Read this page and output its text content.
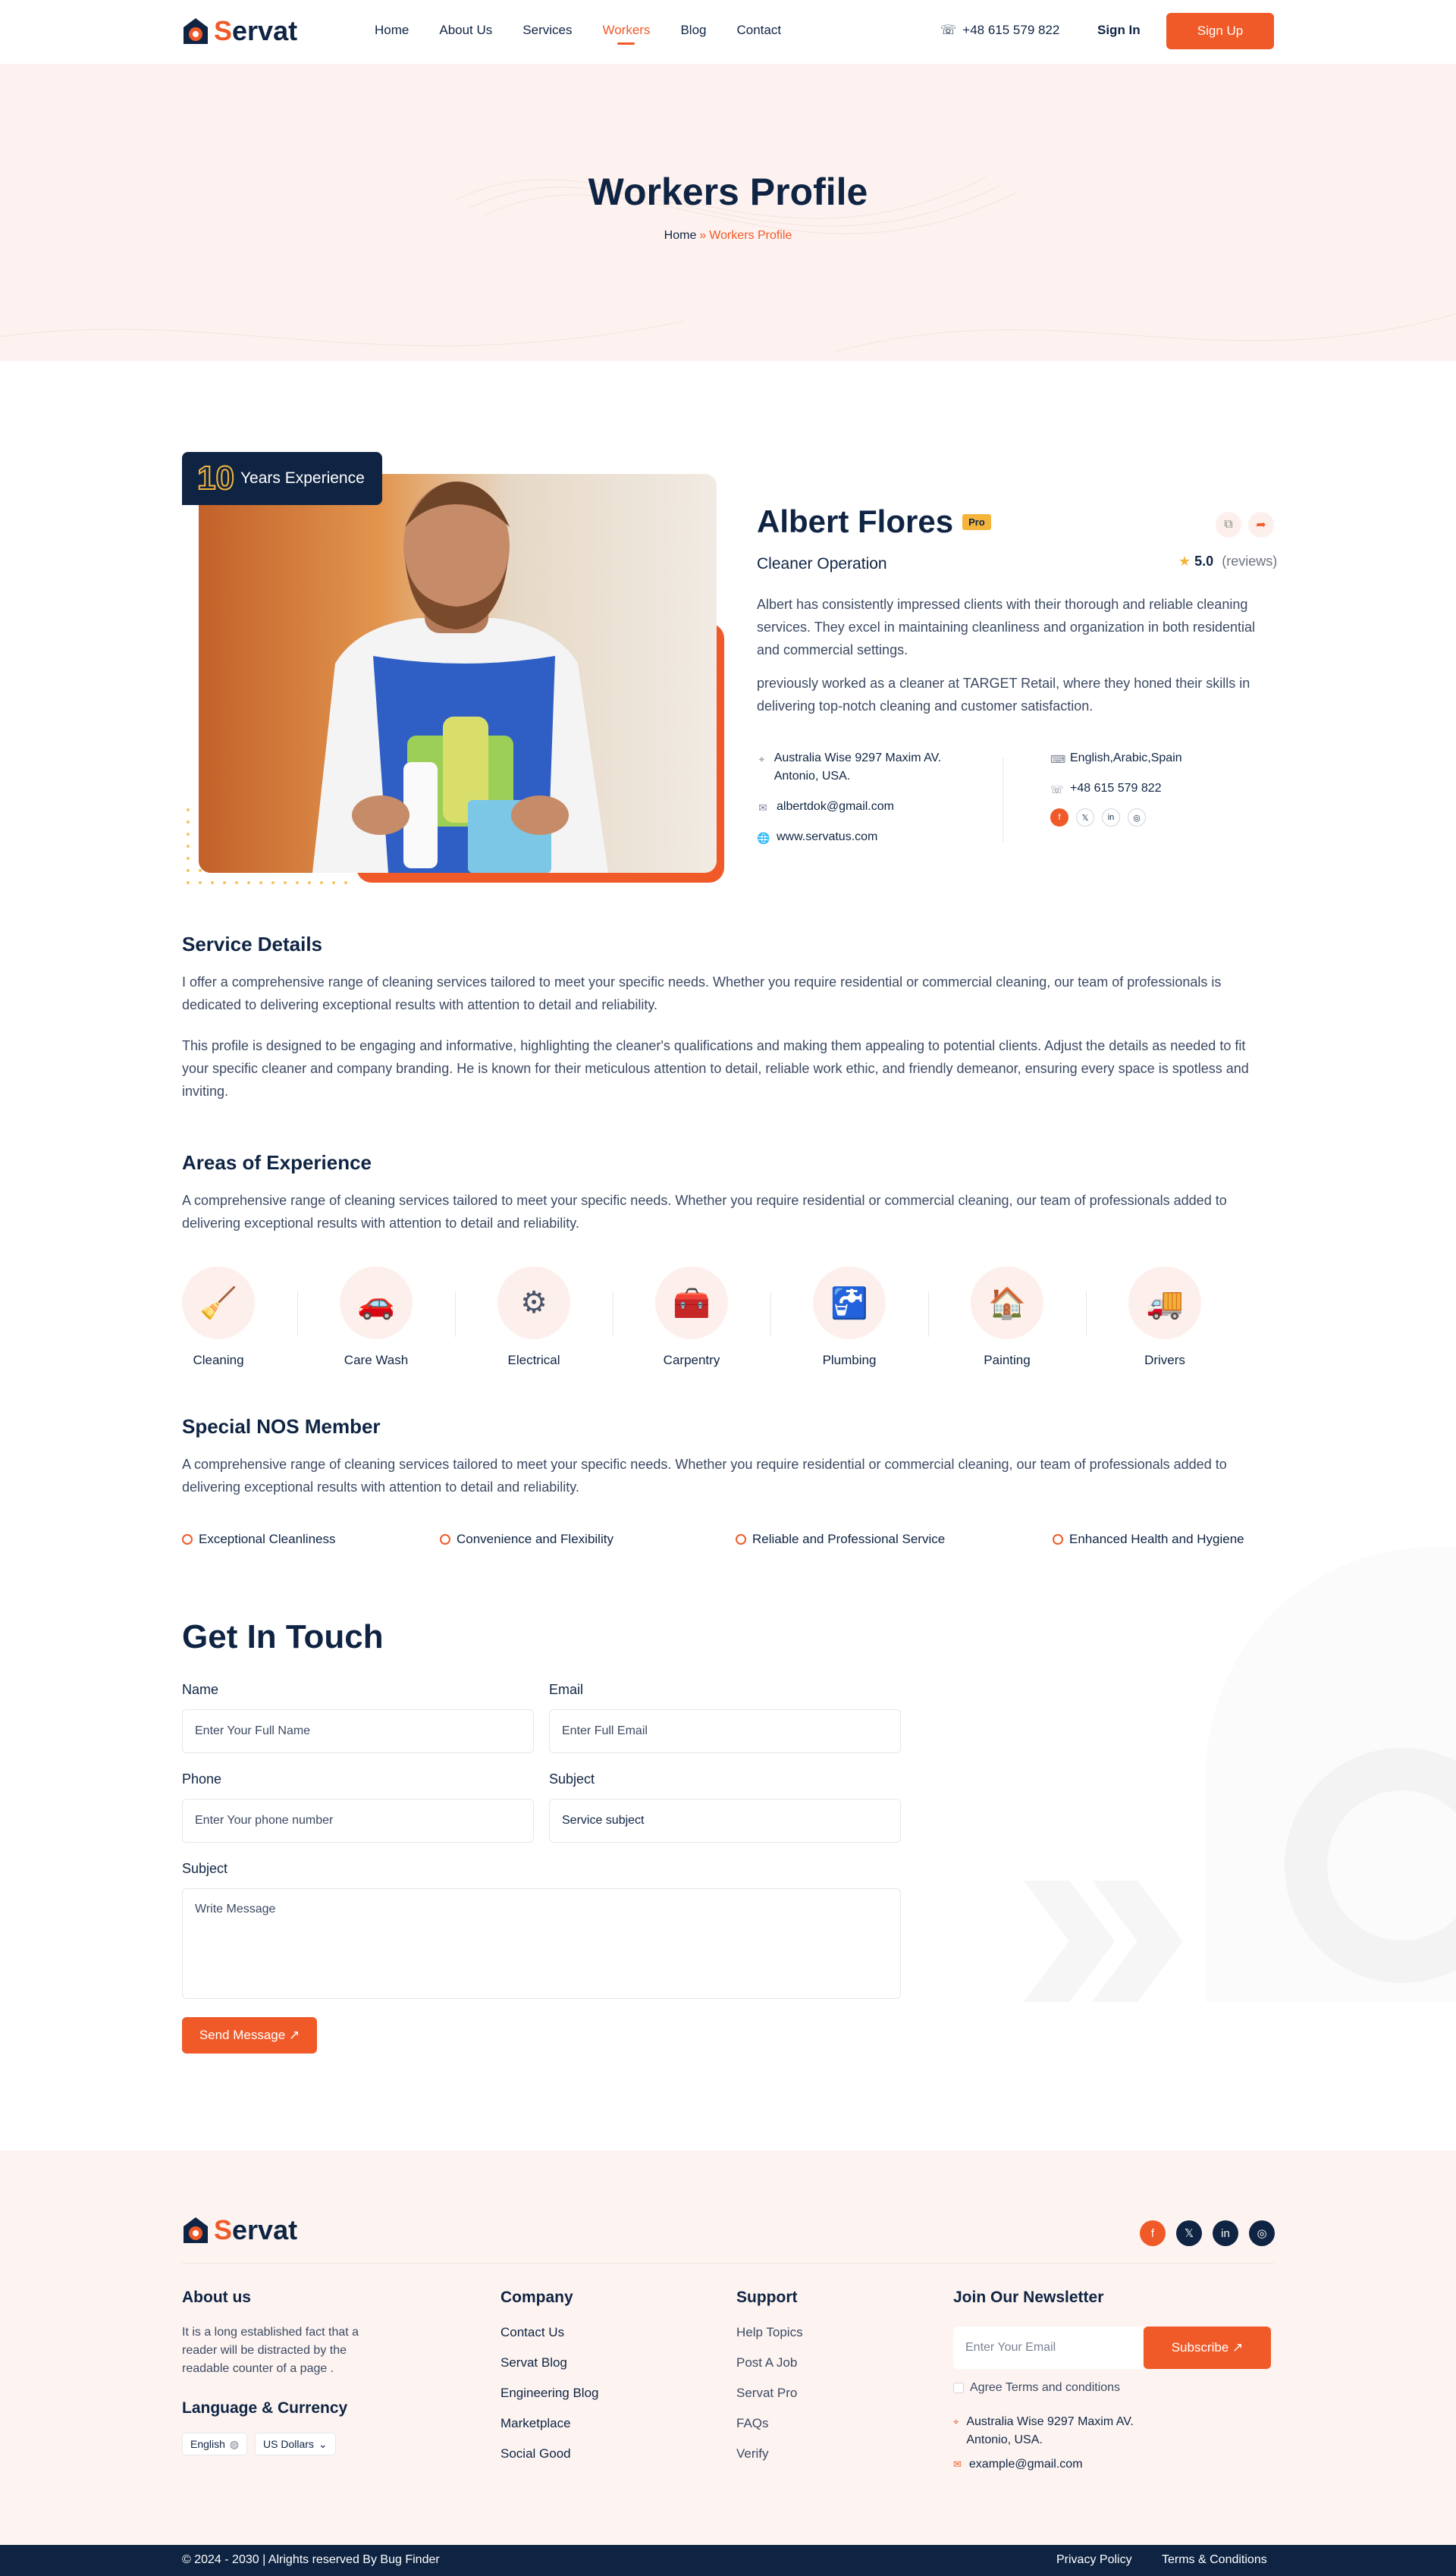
Servat	Home About Us Services Workers Blog Contact	☏ +48 615 579 822	Sign In	Sign Up
Workers Profile
Home » Workers Profile
10 Years Experience
Albert Flores	Pro	⧉	➦
Cleaner Operation	★ 5.0 (reviews)
Albert has consistently impressed clients with their thorough and reliable cleaning services. They excel in maintaining cleanliness and organization in both residential and commercial settings.
previously worked as a cleaner at TARGET Retail, where they honed their skills in delivering top-notch cleaning and customer satisfaction.
⌖ Australia Wise 9297 Maxim AV. Antonio, USA.
✉ albertdok@gmail.com
🌐 www.servatus.com
⌨ English,Arabic,Spain
☏ +48 615 579 822
f	𝕏	in	◎
Service Details
I offer a comprehensive range of cleaning services tailored to meet your specific needs. Whether you require residential or commercial cleaning, our team of professionals is dedicated to delivering exceptional results with attention to detail and reliability.
This profile is designed to be engaging and informative, highlighting the cleaner's qualifications and making them appealing to potential clients. Adjust the details as needed to fit your specific cleaner and company branding. He is known for their meticulous attention to detail, reliable work ethic, and friendly demeanor, ensuring every space is spotless and inviting.
Areas of Experience
A comprehensive range of cleaning services tailored to meet your specific needs. Whether you require residential or commercial cleaning, our team of professionals added to delivering exceptional results with attention to detail and reliability.
🧹
Cleaning
🚗
Care Wash
⚙
Electrical
🧰
Carpentry
🚰
Plumbing
🏠
Painting
🚚
Drivers
Special NOS Member
A comprehensive range of cleaning services tailored to meet your specific needs. Whether you require residential or commercial cleaning, our team of professionals added to delivering exceptional results with attention to detail and reliability.
Exceptional Cleanliness	Convenience and Flexibility	Reliable and Professional Service	Enhanced Health and Hygiene
Get In Touch
Name
Enter Your Full Name
Email
Enter Full Email
Phone
Enter Your phone number
Subject
Service subject
Subject
Write Message
Send Message ↗
Servat	f	𝕏	in	◎
About us
It is a long established fact that a reader will be distracted by the readable counter of a page .
Language & Currency
English ◍ US Dollars ⌄
Company
Contact Us
Servat Blog
Engineering Blog
Marketplace
Social Good
Support
Help Topics
Post A Job
Servat Pro
FAQs
Verify
Join Our Newsletter
Enter Your Email	Subscribe ↗
Agree Terms and conditions
⌖ Australia Wise 9297 Maxim AV. Antonio, USA.
✉ example@gmail.com
© 2024 - 2030 | Alrights reserved By Bug Finder	Privacy Policy Terms & Conditions
